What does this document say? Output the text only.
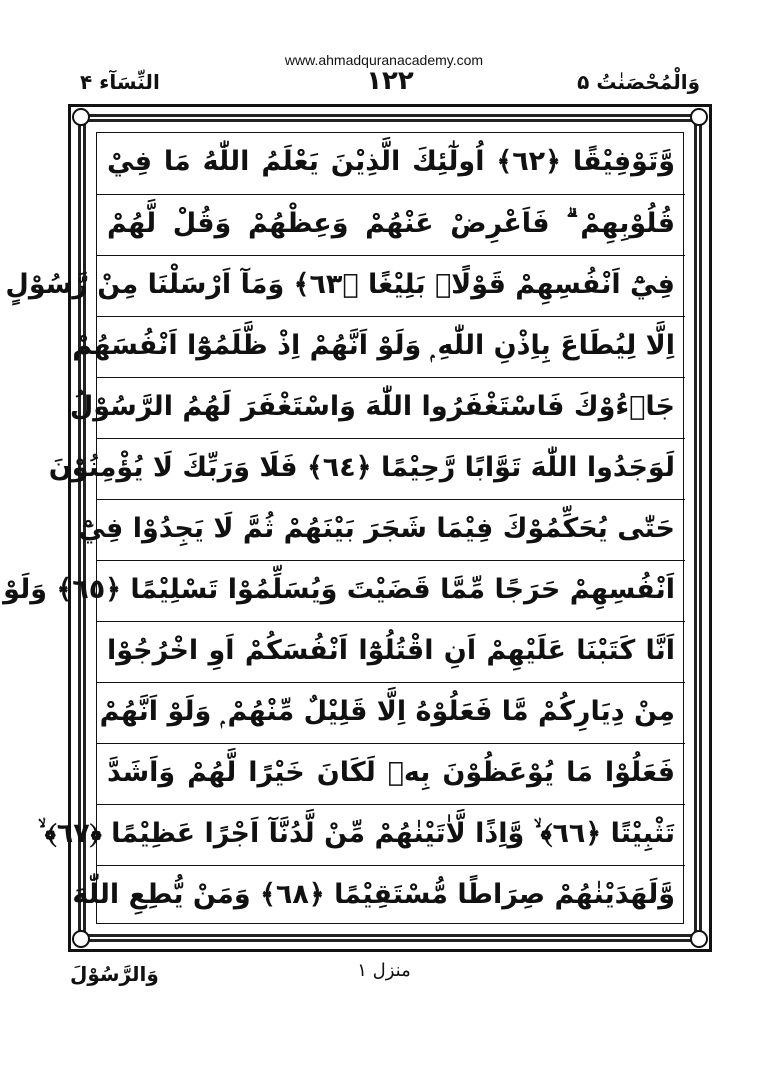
www.ahmadquranacademy.com
النِّسَآء ۴	۱۲۲	وَالْمُحْصَنٰتُ ۵
وَّتَوْفِيْقًا ﴿٦٢﴾ اُولٰٓئِكَ الَّذِيْنَ يَعْلَمُ اللّٰهُ مَا فِيْ
قُلُوْبِهِمْ ۗ فَاَعْرِضْ عَنْهُمْ وَعِظْهُمْ وَقُلْ لَّهُمْ
فِيْٓ اَنْفُسِهِمْ قَوْلًاۢ بَلِيْغًا ﴿٦٣﴾ وَمَآ اَرْسَلْنَا مِنْ رَّسُوْلٍ
اِلَّا لِيُطَاعَ بِاِذْنِ اللّٰهِ ۭ وَلَوْ اَنَّهُمْ اِذْ ظَّلَمُوْٓا اَنْفُسَهُمْ
جَاۗءُوْكَ فَاسْتَغْفَرُوا اللّٰهَ وَاسْتَغْفَرَ لَهُمُ الرَّسُوْلُ
لَوَجَدُوا اللّٰهَ تَوَّابًا رَّحِيْمًا ﴿٦٤﴾ فَلَا وَرَبِّكَ لَا يُؤْمِنُوْنَ
حَتّٰى يُحَكِّمُوْكَ فِيْمَا شَجَرَ بَيْنَهُمْ ثُمَّ لَا يَجِدُوْا فِيْٓ
اَنْفُسِهِمْ حَرَجًا مِّمَّا قَضَيْتَ وَيُسَلِّمُوْا تَسْلِيْمًا ﴿٦٥﴾ وَلَوْ
اَنَّا كَتَبْنَا عَلَيْهِمْ اَنِ اقْتُلُوْٓا اَنْفُسَكُمْ اَوِ اخْرُجُوْا
مِنْ دِيَارِكُمْ مَّا فَعَلُوْهُ اِلَّا قَلِيْلٌ مِّنْهُمْ ۭ وَلَوْ اَنَّهُمْ
فَعَلُوْا مَا يُوْعَظُوْنَ بِهٖ لَكَانَ خَيْرًا لَّهُمْ وَاَشَدَّ
تَثْبِيْتًا ﴿٦٦﴾ ۙ وَّاِذًا لَّاٰتَيْنٰهُمْ مِّنْ لَّدُنَّآ اَجْرًا عَظِيْمًا ﴿٦٧﴾ ۙ
وَّلَهَدَيْنٰهُمْ صِرَاطًا مُّسْتَقِيْمًا ﴿٦٨﴾ وَمَنْ يُّطِعِ اللّٰهَ
وَالرَّسُوْلَ	منزل ۱
